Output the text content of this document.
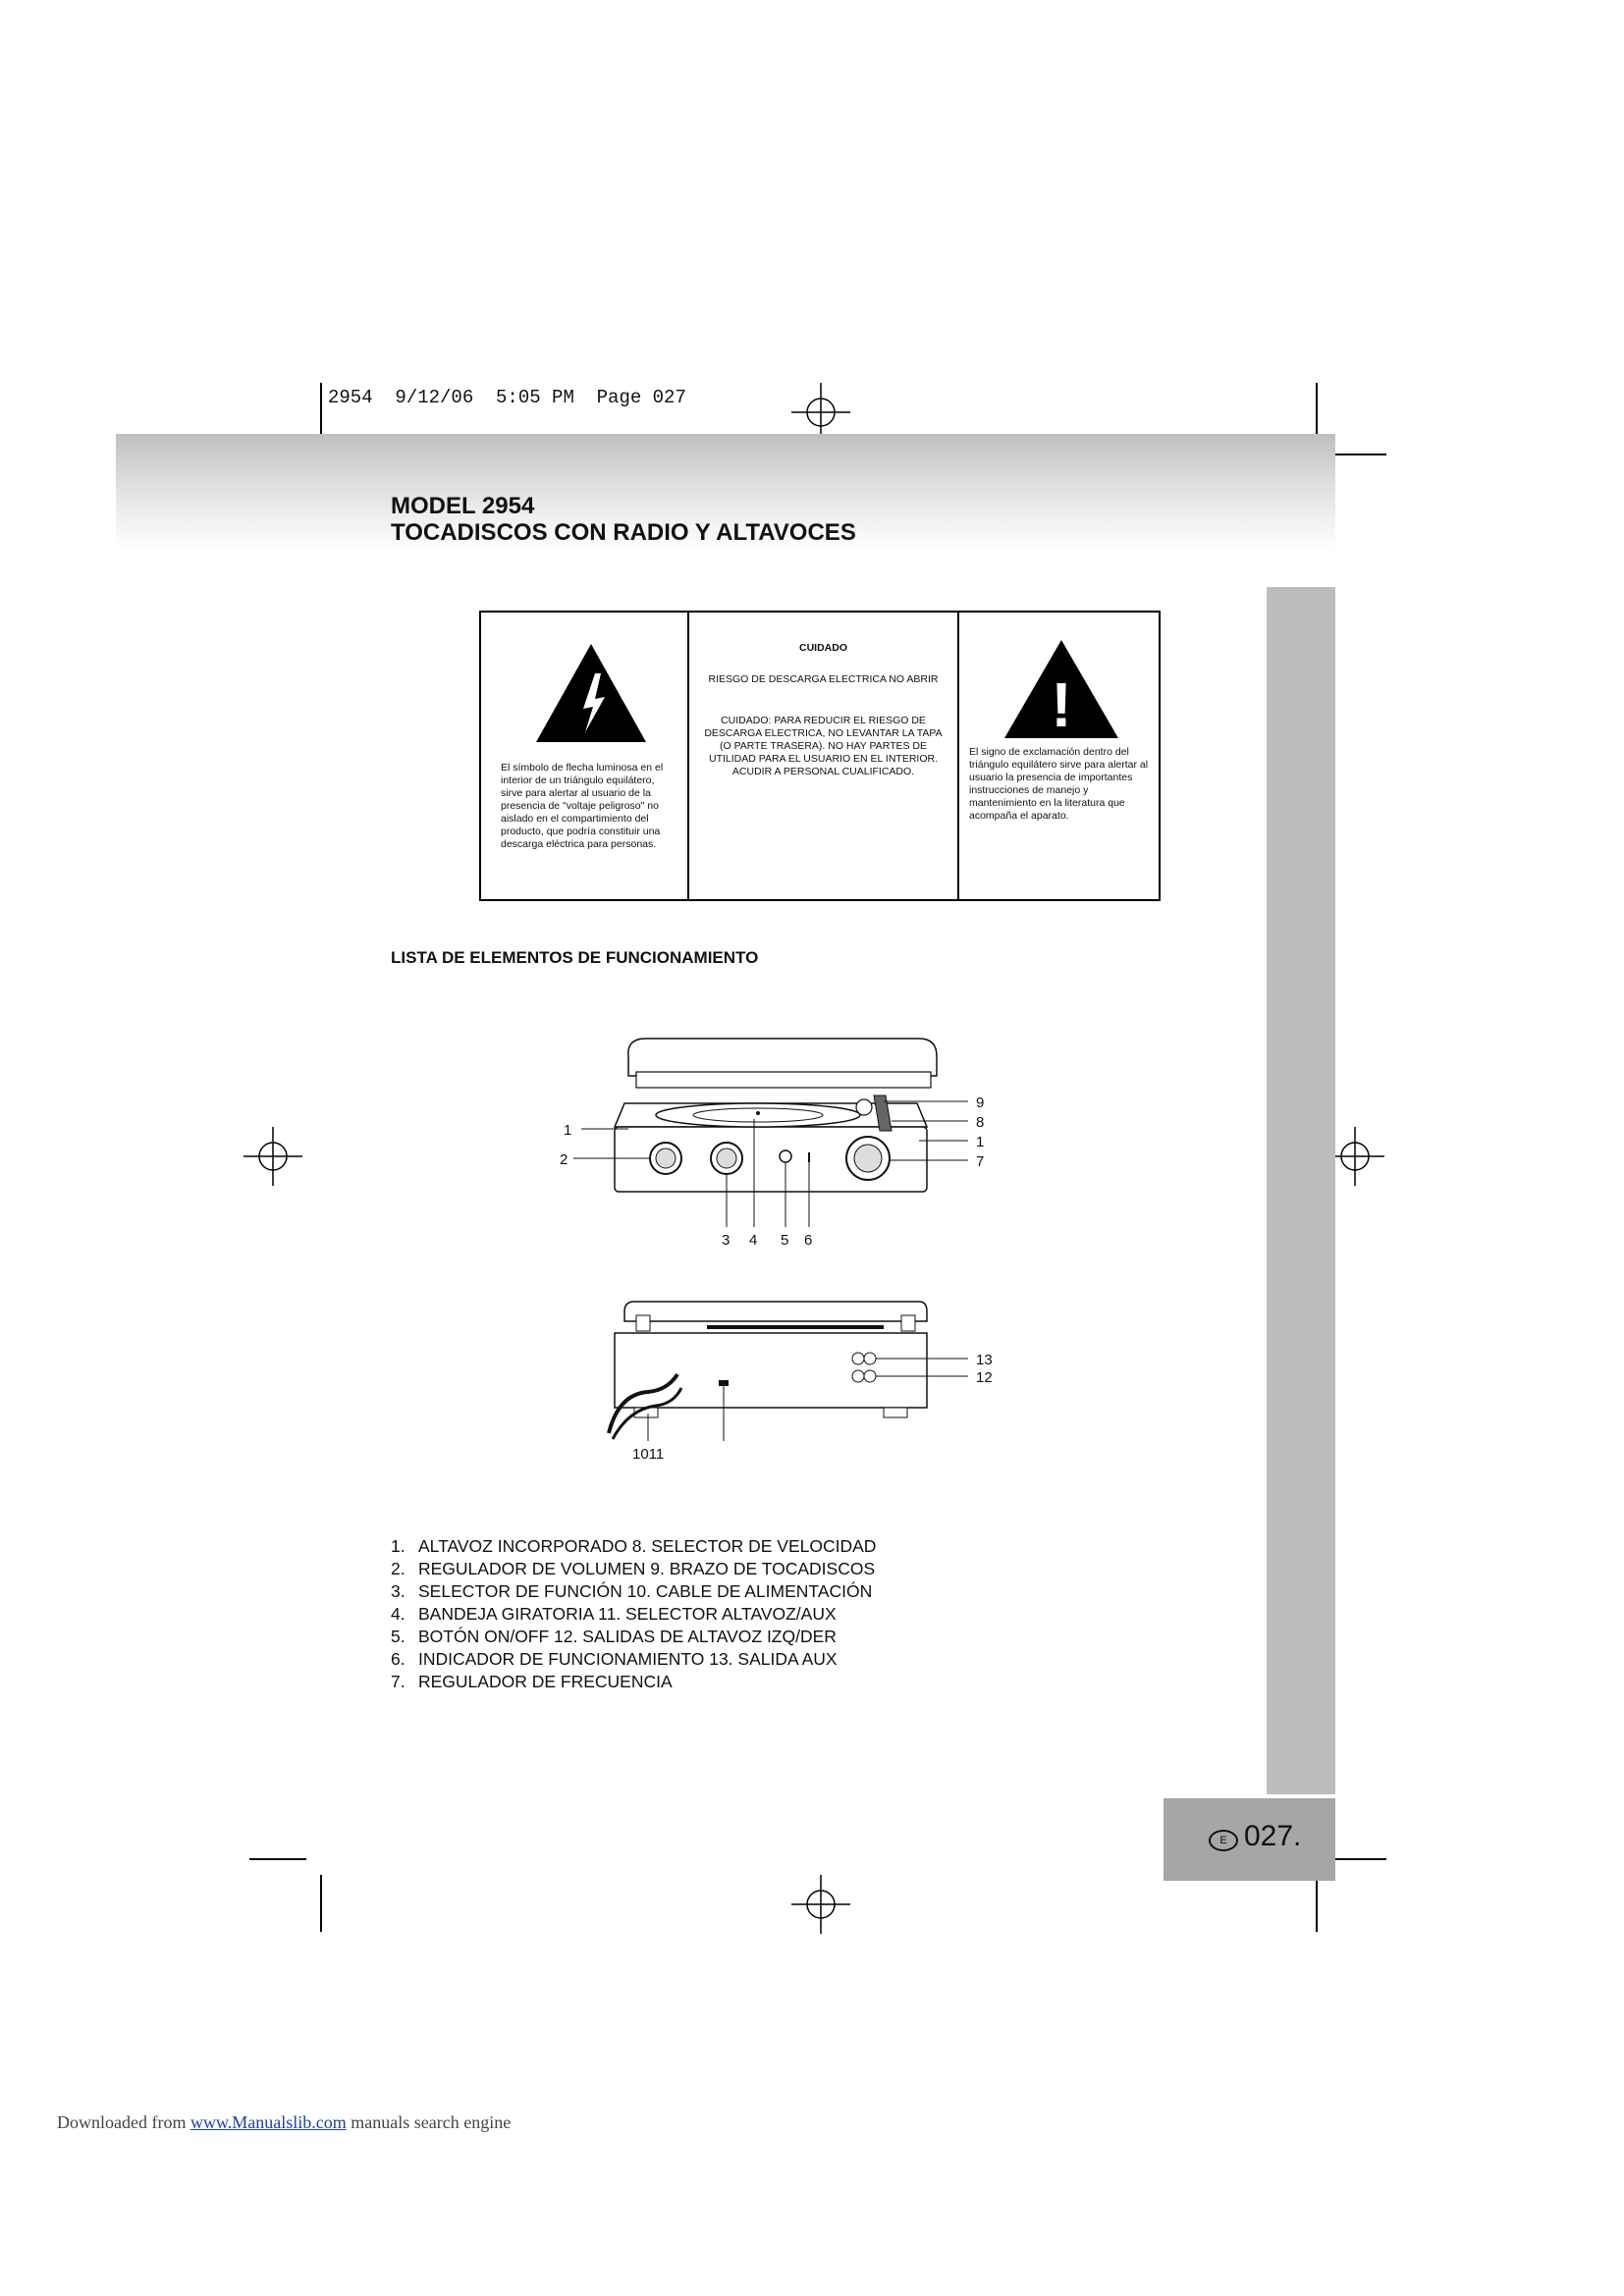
2954  9/12/06  5:05 PM  Page 027
MODEL 2954
TOCADISCOS CON RADIO Y ALTAVOCES
E 027.
El símbolo de flecha luminosa en el interior de un triángulo equilátero, sirve para alertar al usuario de la presencia de "voltaje peligroso" no aislado en el compartimiento del producto, que podría constituir una descarga eléctrica para personas.
CUIDADO
RIESGO DE DESCARGA ELECTRICA NO ABRIR
CUIDADO: PARA REDUCIR EL RIESGO DE DESCARGA ELECTRICA, NO LEVANTAR LA TAPA (O PARTE TRASERA). NO HAY PARTES DE UTILIDAD PARA EL USUARIO EN EL INTERIOR. ACUDIR A PERSONAL CUALIFICADO.
!
El signo de exclamación dentro del triángulo equilátero sirve para alertar al usuario la presencia de importantes instrucciones de manejo y mantenimiento en la literatura que acompaña el aparato.
LISTA DE ELEMENTOS DE FUNCIONAMIENTO
1
2
3 4 5 6
7
8
9
1
13
12
1011
1. ALTAVOZ INCORPORADO 8. SELECTOR DE VELOCIDAD
2. REGULADOR DE VOLUMEN 9. BRAZO DE TOCADISCOS
3. SELECTOR DE FUNCIÓN 10. CABLE DE ALIMENTACIÓN
4. BANDEJA GIRATORIA 11. SELECTOR ALTAVOZ/AUX
5. BOTÓN ON/OFF 12. SALIDAS DE ALTAVOZ IZQ/DER
6. INDICADOR DE FUNCIONAMIENTO 13. SALIDA AUX
7. REGULADOR DE FRECUENCIA
Downloaded from www.Manualslib.com manuals search engine
